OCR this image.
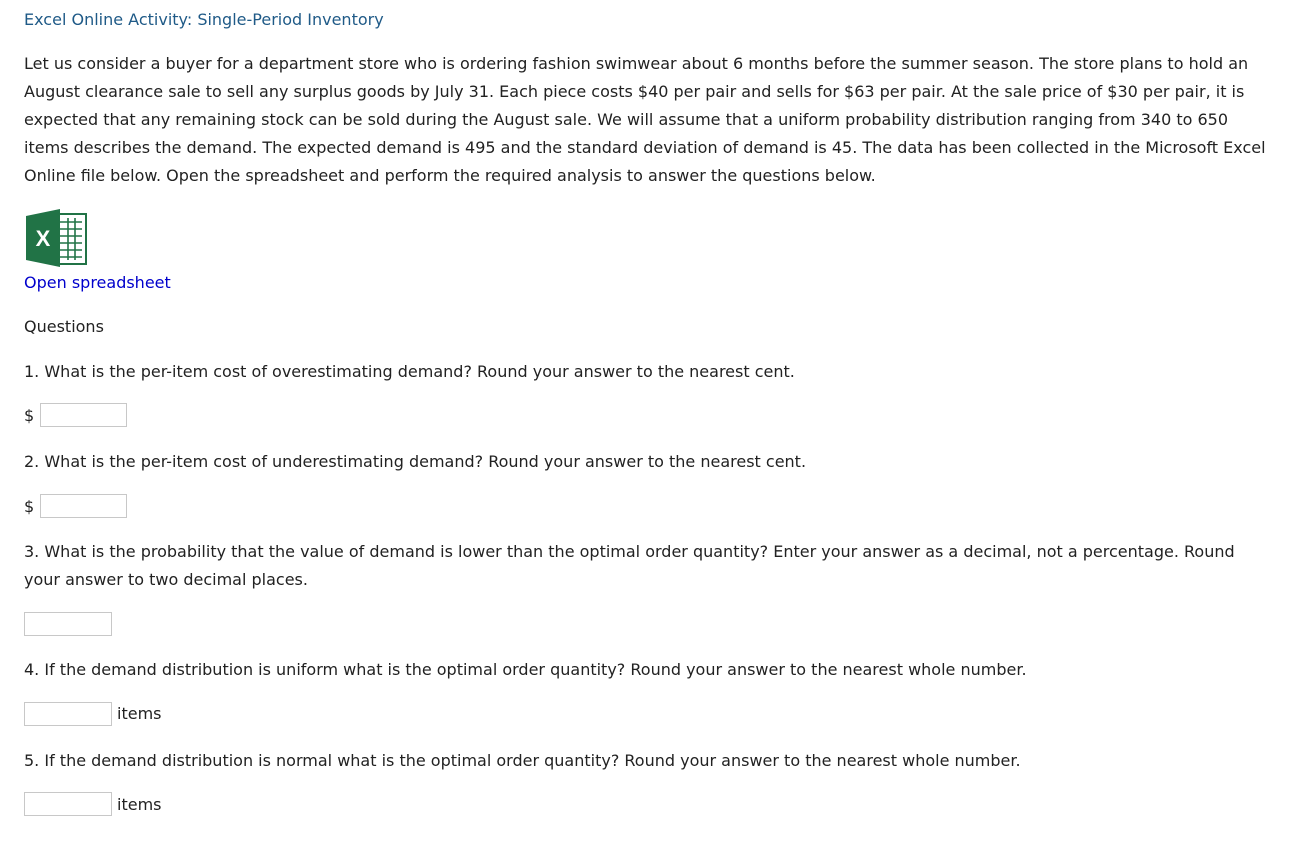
Excel Online Activity: Single-Period Inventory
Let us consider a buyer for a department store who is ordering fashion swimwear about 6 months before the summer season. The store plans to hold an August clearance sale to sell any surplus goods by July 31. Each piece costs $40 per pair and sells for $63 per pair. At the sale price of $30 per pair, it is expected that any remaining stock can be sold during the August sale. We will assume that a uniform probability distribution ranging from 340 to 650 items describes the demand. The expected demand is 495 and the standard deviation of demand is 45. The data has been collected in the Microsoft Excel Online file below. Open the spreadsheet and perform the required analysis to answer the questions below.
X
Open spreadsheet
Questions
1. What is the per-item cost of overestimating demand? Round your answer to the nearest cent.
$
2. What is the per-item cost of underestimating demand? Round your answer to the nearest cent.
$
3. What is the probability that the value of demand is lower than the optimal order quantity? Enter your answer as a decimal, not a percentage. Round your answer to two decimal places.
4. If the demand distribution is uniform what is the optimal order quantity? Round your answer to the nearest whole number.
items
5. If the demand distribution is normal what is the optimal order quantity? Round your answer to the nearest whole number.
items
